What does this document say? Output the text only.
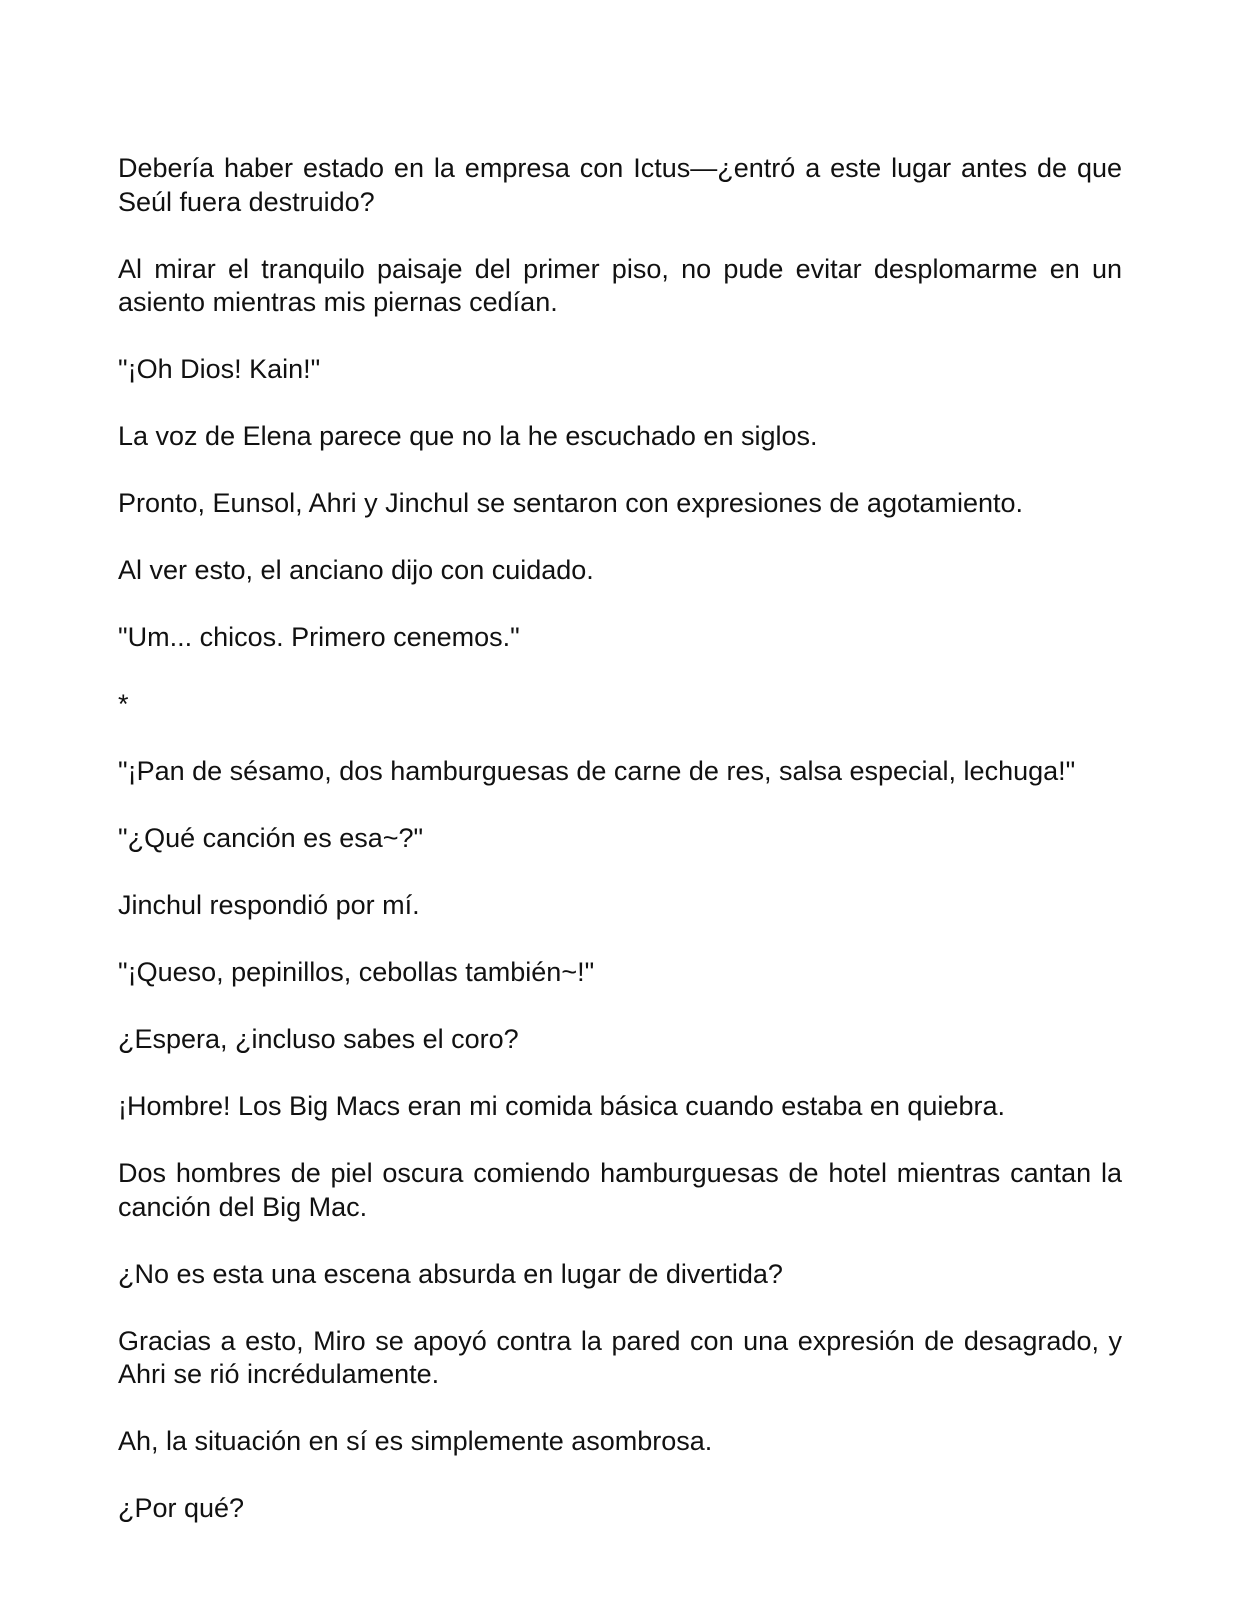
Debería haber estado en la empresa con Ictus—¿entró a este lugar antes de que Seúl fuera destruido?

Al mirar el tranquilo paisaje del primer piso, no pude evitar desplomarme en un asiento mientras mis piernas cedían.

"¡Oh Dios! Kain!"

La voz de Elena parece que no la he escuchado en siglos.

Pronto, Eunsol, Ahri y Jinchul se sentaron con expresiones de agotamiento.

Al ver esto, el anciano dijo con cuidado.

"Um... chicos. Primero cenemos."

*

"¡Pan de sésamo, dos hamburguesas de carne de res, salsa especial, lechuga!"

"¿Qué canción es esa~?"

Jinchul respondió por mí.

"¡Queso, pepinillos, cebollas también~!"

¿Espera, ¿incluso sabes el coro?

¡Hombre! Los Big Macs eran mi comida básica cuando estaba en quiebra.

Dos hombres de piel oscura comiendo hamburguesas de hotel mientras cantan la canción del Big Mac.

¿No es esta una escena absurda en lugar de divertida?

Gracias a esto, Miro se apoyó contra la pared con una expresión de desagrado, y Ahri se rió incrédulamente.

Ah, la situación en sí es simplemente asombrosa.

¿Por qué?
